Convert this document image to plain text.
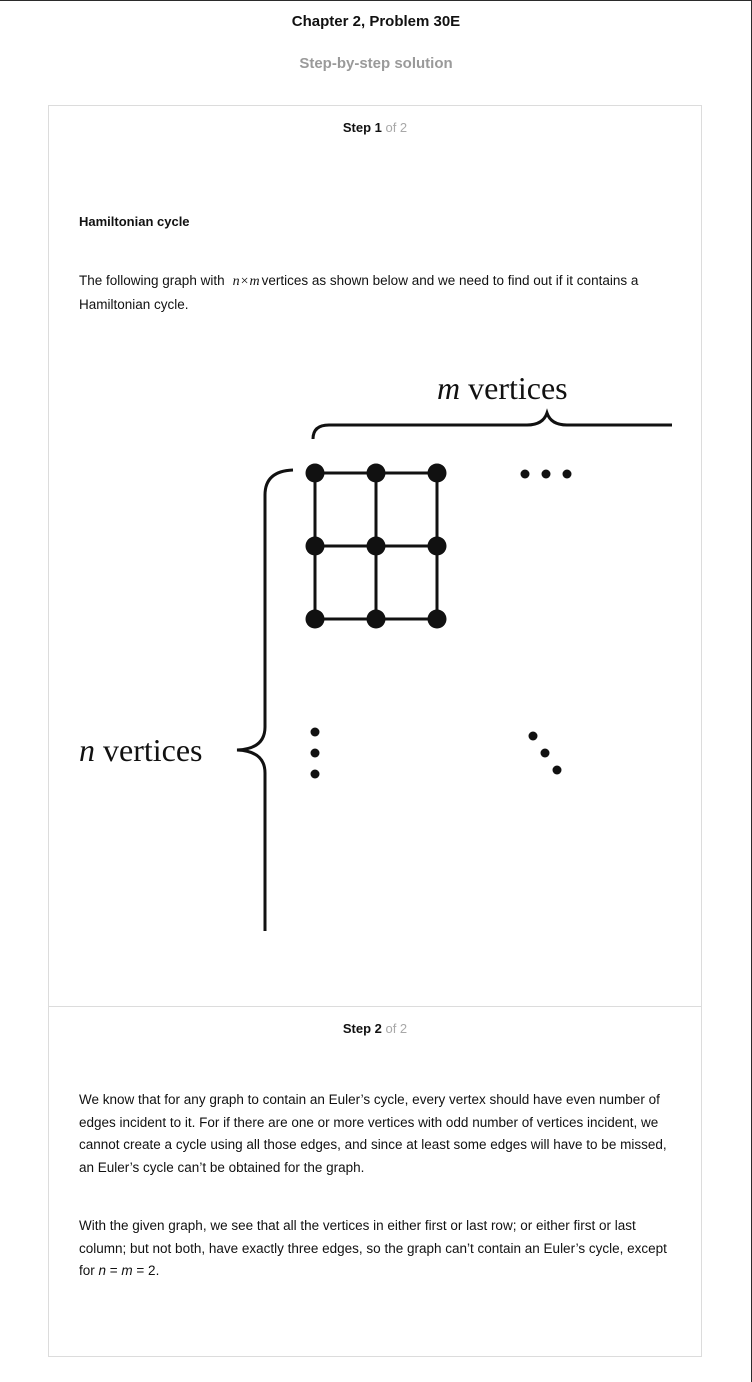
Chapter 2, Problem 30E
Step-by-step solution
Step 1 of 2
Hamiltonian cycle
The following graph with n×m vertices as shown below and we need to find out if it contains a Hamiltonian cycle.
m vertices
n vertices
Step 2 of 2
We know that for any graph to contain an Euler’s cycle, every vertex should have even number of edges incident to it. For if there are one or more vertices with odd number of vertices incident, we cannot create a cycle using all those edges, and since at least some edges will have to be missed, an Euler’s cycle can’t be obtained for the graph.
With the given graph, we see that all the vertices in either first or last row; or either first or last column; but not both, have exactly three edges, so the graph can’t contain an Euler’s cycle, except for n = m = 2.
